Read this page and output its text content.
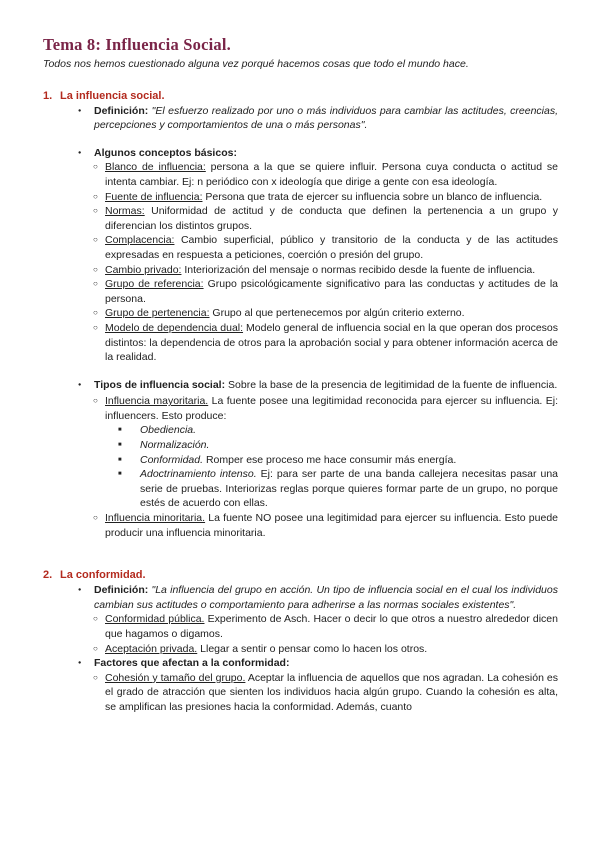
Tema 8: Influencia Social.

Todos nos hemos cuestionado alguna vez porqué hacemos cosas que todo el mundo hace.

1. La influencia social.
● Definición: "El esfuerzo realizado por uno o más individuos para cambiar las actitudes, creencias, percepciones y comportamientos de una o más personas".
● Algunos conceptos básicos:
○ Blanco de influencia: persona a la que se quiere influir. Persona cuya conducta o actitud se intenta cambiar. Ej: n periódico con x ideología que dirige a gente con esa ideología.
○ Fuente de influencia: Persona que trata de ejercer su influencia sobre un blanco de influencia.
○ Normas: Uniformidad de actitud y de conducta que definen la pertenencia a un grupo y diferencian los distintos grupos.
○ Complacencia: Cambio superficial, público y transitorio de la conducta y de las actitudes expresadas en respuesta a peticiones, coerción o presión del grupo.
○ Cambio privado: Interiorización del mensaje o normas recibido desde la fuente de influencia.
○ Grupo de referencia: Grupo psicológicamente significativo para las conductas y actitudes de la persona.
○ Grupo de pertenencia: Grupo al que pertenecemos por algún criterio externo.
○ Modelo de dependencia dual: Modelo general de influencia social en la que operan dos procesos distintos: la dependencia de otros para la aprobación social y para obtener información acerca de la realidad.
● Tipos de influencia social: Sobre la base de la presencia de legitimidad de la fuente de influencia.
○ Influencia mayoritaria. La fuente posee una legitimidad reconocida para ejercer su influencia. Ej: influencers. Esto produce:
■ Obediencia.
■ Normalización.
■ Conformidad. Romper ese proceso me hace consumir más energía.
■ Adoctrinamiento intenso. Ej: para ser parte de una banda callejera necesitas pasar una serie de pruebas. Interiorizas reglas porque quieres formar parte de un grupo, no porque estés de acuerdo con ellas.
○ Influencia minoritaria. La fuente NO posee una legitimidad para ejercer su influencia. Esto puede producir una influencia minoritaria.
2. La conformidad.
● Definición: "La influencia del grupo en acción. Un tipo de influencia social en el cual los individuos cambian sus actitudes o comportamiento para adherirse a las normas sociales existentes".
○ Conformidad pública. Experimento de Asch. Hacer o decir lo que otros a nuestro alrededor dicen que hagamos o digamos.
○ Aceptación privada. Llegar a sentir o pensar como lo hacen los otros.
● Factores que afectan a la conformidad:
○ Cohesión y tamaño del grupo. Aceptar la influencia de aquellos que nos agradan. La cohesión es el grado de atracción que sienten los individuos hacia algún grupo. Cuando la cohesión es alta, se amplifican las presiones hacia la conformidad. Además, cuanto
